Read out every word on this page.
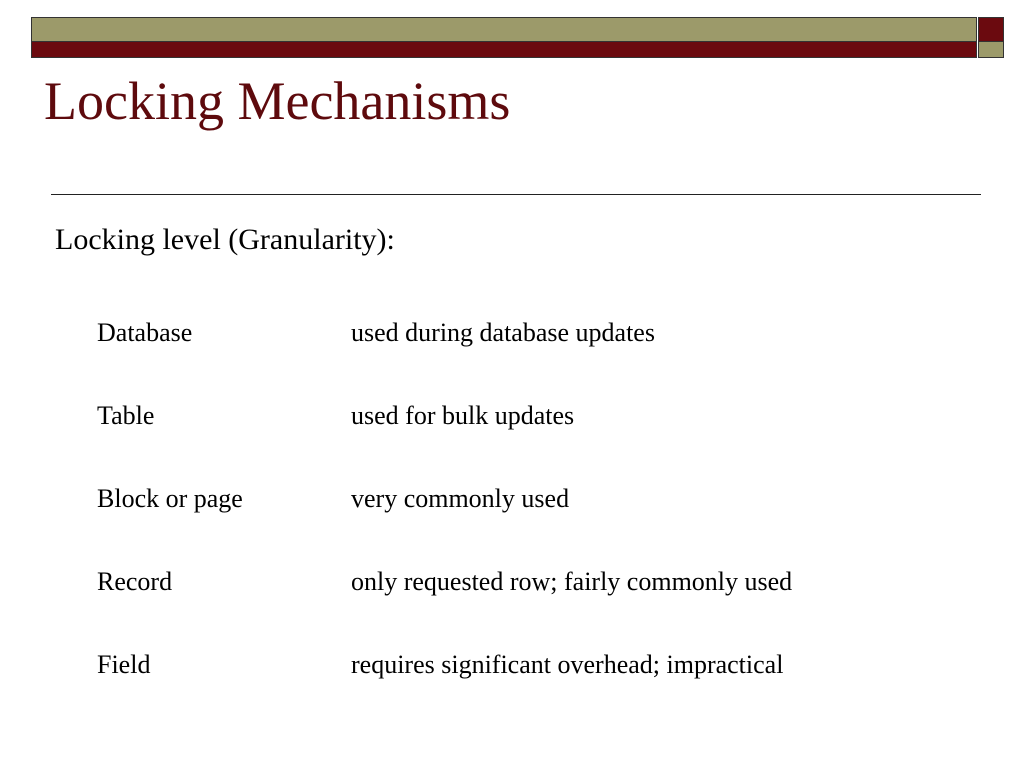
Locking Mechanisms
Locking level (Granularity):
Database	used during database updates
Table	used for bulk updates
Block or page	very commonly used
Record	only requested row; fairly commonly used
Field	requires significant overhead; impractical
